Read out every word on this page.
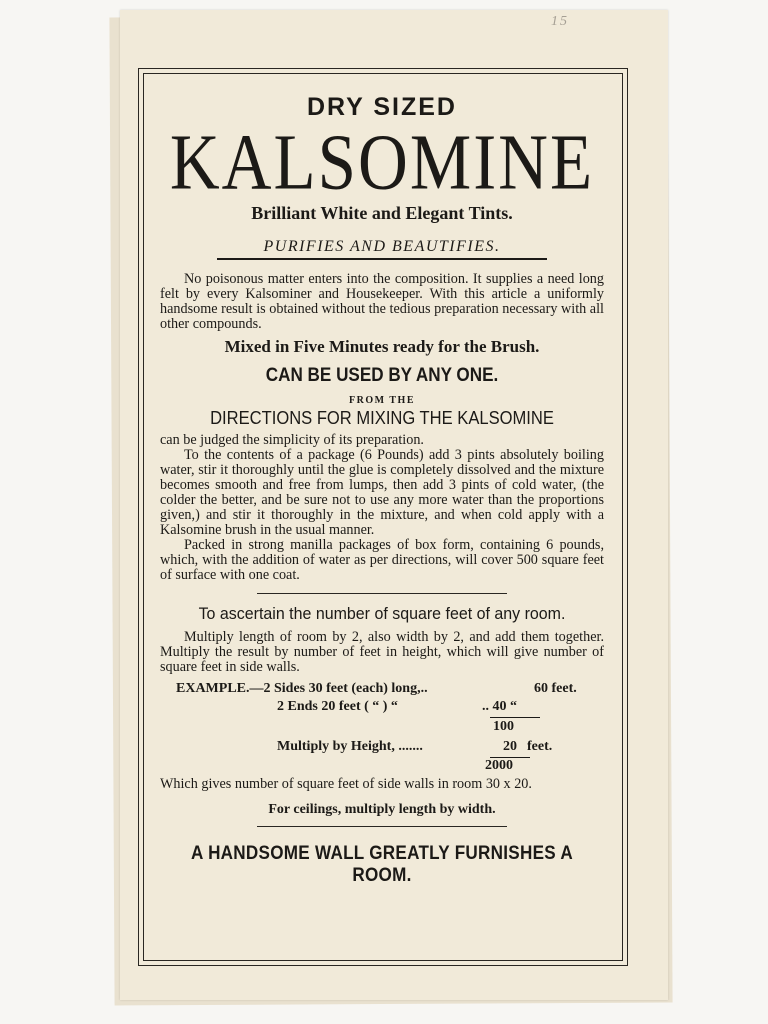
15
DRY SIZED
KALSOMINE
Brilliant White and Elegant Tints.
PURIFIES AND BEAUTIFIES.

No poisonous matter enters into the composition. It supplies a need long felt by every Kalsominer and Housekeeper. With this article a uniformly handsome result is obtained without the tedious preparation necessary with all other compounds.

Mixed in Five Minutes ready for the Brush.
CAN BE USED BY ANY ONE.
FROM THE
DIRECTIONS FOR MIXING THE KALSOMINE

can be judged the simplicity of its preparation.

To the contents of a package (6 Pounds) add 3 pints absolutely boiling water, stir it thoroughly until the glue is completely dissolved and the mixture becomes smooth and free from lumps, then add 3 pints of cold water, (the colder the better, and be sure not to use any more water than the proportions given,) and stir it thoroughly in the mixture, and when cold apply with a Kalsomine brush in the usual manner.

Packed in strong manilla packages of box form, containing 6 pounds, which, with the addition of water as per directions, will cover 500 square feet of surface with one coat.

To ascertain the number of square feet of any room.

Multiply length of room by 2, also width by 2, and add them together. Multiply the result by number of feet in height, which will give number of square feet in side walls.

EXAMPLE.—2 Sides 30 feet (each) long,..	60 feet.
2 Ends 20 feet ( “ ) “	.. 40 “
100
Multiply by Height, .......	20 feet.
2000

Which gives number of square feet of side walls in room 30 x 20.

For ceilings, multiply length by width.
A HANDSOME WALL GREATLY FURNISHES A ROOM.
